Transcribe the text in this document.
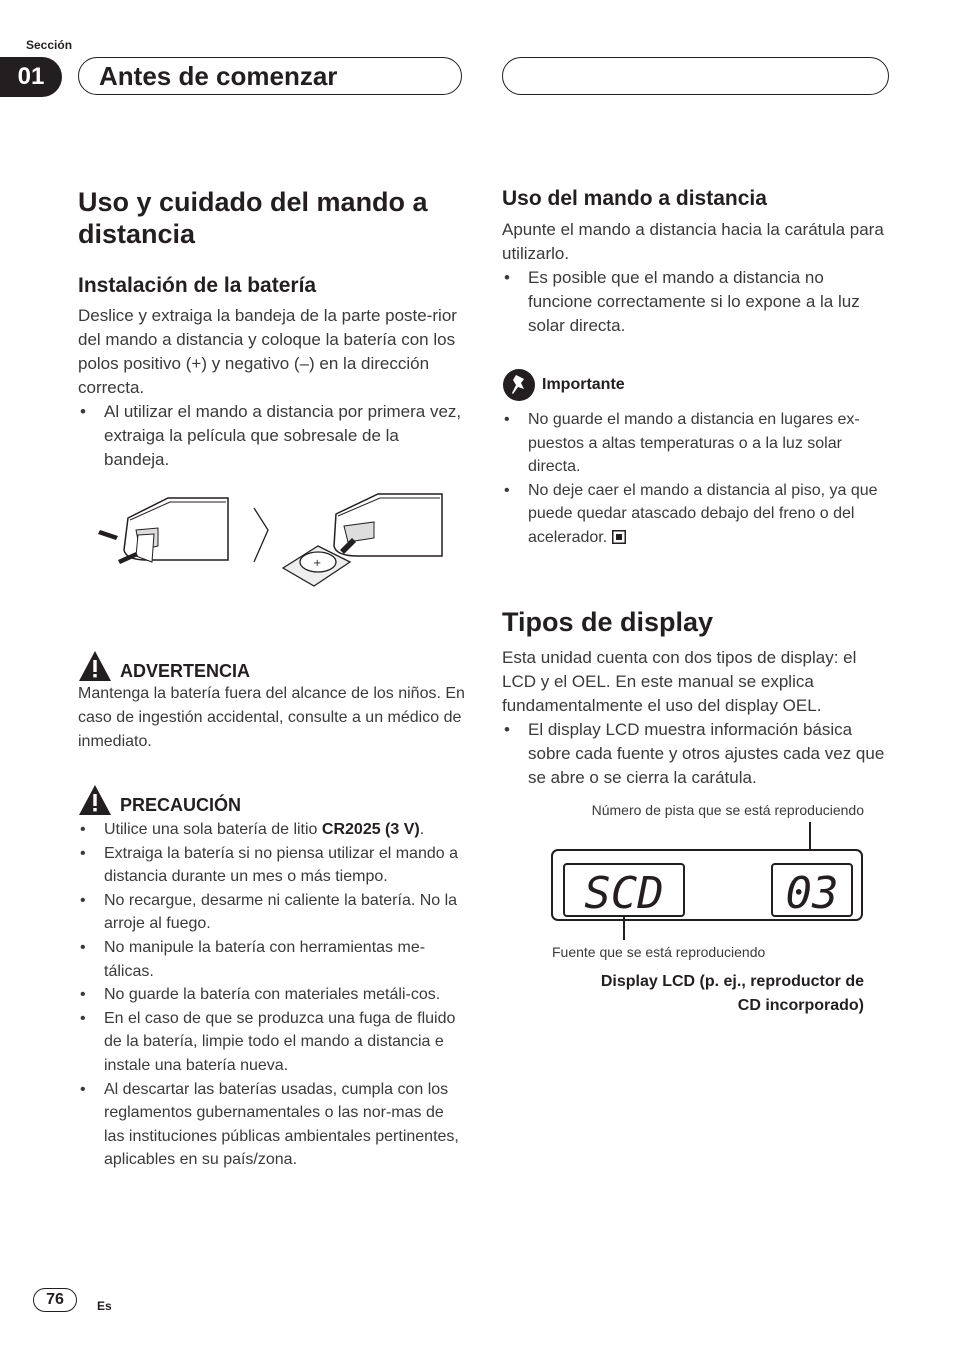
Sección
01	Antes de comenzar
Uso y cuidado del mando a distancia
Instalación de la batería

Deslice y extraiga la bandeja de la parte poste-rior del mando a distancia y coloque la batería con los polos positivo (+) y negativo (–) en la dirección correcta.

• Al utilizar el mando a distancia por primera vez, extraiga la película que sobresale de la bandeja.
+
ADVERTENCIA

Mantenga la batería fuera del alcance de los niños. En caso de ingestión accidental, consulte a un médico de inmediato.

PRECAUCIÓN
• Utilice una sola batería de litio CR2025 (3 V).
• Extraiga la batería si no piensa utilizar el mando a distancia durante un mes o más tiempo.
• No recargue, desarme ni caliente la batería. No la arroje al fuego.
• No manipule la batería con herramientas me-tálicas.
• No guarde la batería con materiales metáli-cos.
• En el caso de que se produzca una fuga de fluido de la batería, limpie todo el mando a distancia e instale una batería nueva.
• Al descartar las baterías usadas, cumpla con los reglamentos gubernamentales o las nor-mas de las instituciones públicas ambientales pertinentes, aplicables en su país/zona.
Uso del mando a distancia

Apunte el mando a distancia hacia la carátula para utilizarlo.

• Es posible que el mando a distancia no funcione correctamente si lo expone a la luz solar directa.
Importante
• No guarde el mando a distancia en lugares ex-puestos a altas temperaturas o a la luz solar directa.
• No deje caer el mando a distancia al piso, ya que puede quedar atascado debajo del freno o del acelerador.
Tipos de display

Esta unidad cuenta con dos tipos de display: el LCD y el OEL. En este manual se explica fundamentalmente el uso del display OEL.

• El display LCD muestra información básica sobre cada fuente y otros ajustes cada vez que se abre o se cierra la carátula.
Número de pista que se está reproduciendo
SCD	03
Fuente que se está reproduciendo
Display LCD (p. ej., reproductor de
CD incorporado)
76	Es
